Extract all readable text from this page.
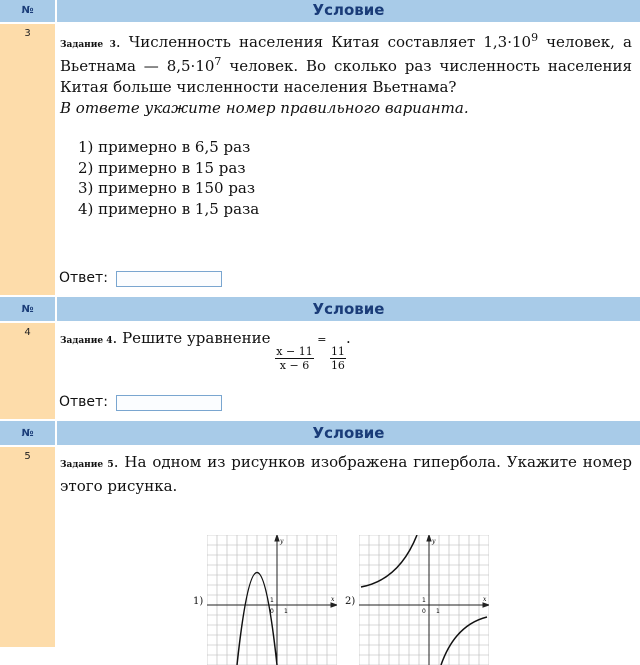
№	Условие
3
Задание 3. Численность населения Китая составляет $1,3\cdot 10^9$ человек, а Вьетнама — $8,5\cdot 10^7$ человек. Во сколько раз численность населения Китая больше численности населения Вьетнама?
В ответе укажите номер правильного варианта.
1) примерно в 6,5 раз
2) примерно в 15 раз
3) примерно в 150 раз
4) примерно в 1,5 раза
Ответ:
№	Условие
4
Задание 4. Решите уравнение
$\frac{x - 11}{x - 6}$
=
$\frac{11}{16}$
.
Ответ:
№	Условие
5
Задание 5. На одном из рисунков изображена гипербола. Укажите номер этого рисунка.
1)	2)
1
1
0
y
x	1
1
0
y
x
